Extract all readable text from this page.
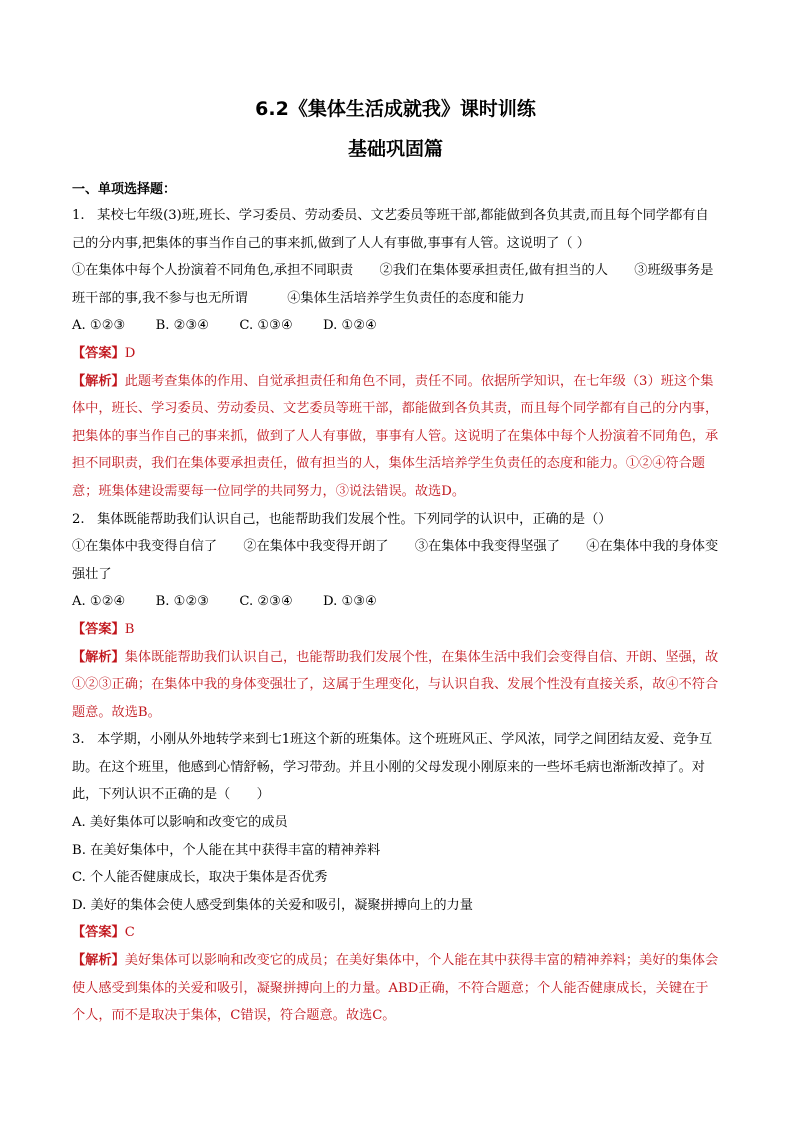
6.2《集体生活成就我》课时训练
基础巩固篇
一、单项选择题：

1. 某校七年级(3)班,班长、学习委员、劳动委员、文艺委员等班干部,都能做到各负其责,而且每个同学都有自己的分内事,把集体的事当作自己的事来抓,做到了人人有事做,事事有人管。这说明了（ ）

①在集体中每个人扮演着不同角色,承担不同职责　　②我们在集体要承担责任,做有担当的人　　③班级事务是班干部的事,我不参与也无所谓　　　④集体生活培养学生负责任的态度和能力

A. ①②③ B. ②③④ C. ①③④ D. ①②④

【答案】D

【解析】此题考查集体的作用、自觉承担责任和角色不同，责任不同。依据所学知识，在七年级（3）班这个集体中，班长、学习委员、劳动委员、文艺委员等班干部，都能做到各负其责，而且每个同学都有自己的分内事，把集体的事当作自己的事来抓，做到了人人有事做，事事有人管。这说明了在集体中每个人扮演着不同角色，承担不同职责，我们在集体要承担责任，做有担当的人，集体生活培养学生负责任的态度和能力。①②④符合题意；班集体建设需要每一位同学的共同努力，③说法错误。故选D。

2. 集体既能帮助我们认识自己，也能帮助我们发展个性。下列同学的认识中，正确的是（）

①在集体中我变得自信了　　②在集体中我变得开朗了　　③在集体中我变得坚强了　　④在集体中我的身体变强壮了

A. ①②④ B. ①②③ C. ②③④ D. ①③④

【答案】B

【解析】集体既能帮助我们认识自己，也能帮助我们发展个性，在集体生活中我们会变得自信、开朗、坚强，故①②③正确；在集体中我的身体变强壮了，这属于生理变化，与认识自我、发展个性没有直接关系，故④不符合题意。故选B。

3. 本学期，小刚从外地转学来到七1班这个新的班集体。这个班班风正、学风浓，同学之间团结友爱、竞争互助。在这个班里，他感到心情舒畅，学习带劲。并且小刚的父母发现小刚原来的一些坏毛病也渐渐改掉了。对此，下列认识不正确的是（　　）

A. 美好集体可以影响和改变它的成员

B. 在美好集体中，个人能在其中获得丰富的精神养料

C. 个人能否健康成长，取决于集体是否优秀

D. 美好的集体会使人感受到集体的关爱和吸引，凝聚拼搏向上的力量

【答案】C

【解析】美好集体可以影响和改变它的成员；在美好集体中，个人能在其中获得丰富的精神养料；美好的集体会使人感受到集体的关爱和吸引，凝聚拼搏向上的力量。ABD正确，不符合题意；个人能否健康成长，关键在于个人，而不是取决于集体，C错误，符合题意。故选C。
